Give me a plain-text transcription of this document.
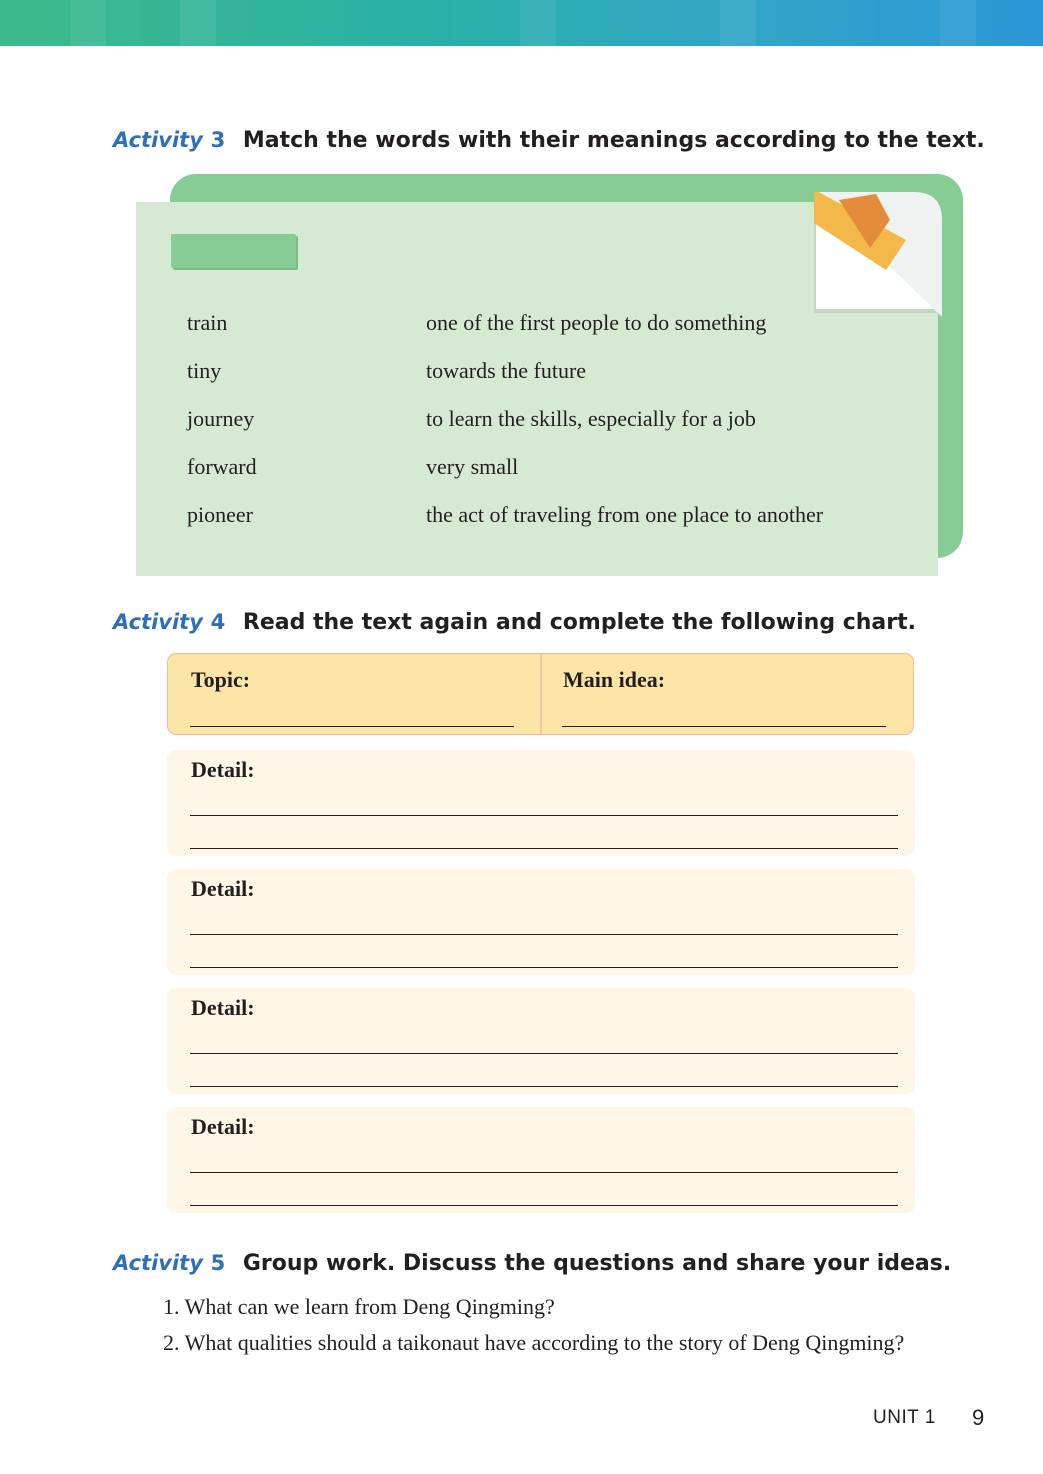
Activity 3 Match the words with their meanings according to the text.
train
tiny
journey
forward
pioneer
one of the first people to do something
towards the future
to learn the skills, especially for a job
very small
the act of traveling from one place to another
Activity 4 Read the text again and complete the following chart.
Topic:	Main idea:
Detail:
Detail:
Detail:
Detail:
Activity 5 Group work. Discuss the questions and share your ideas.
1. What can we learn from Deng Qingming?
2. What qualities should a taikonaut have according to the story of Deng Qingming?
UNIT 1 9
